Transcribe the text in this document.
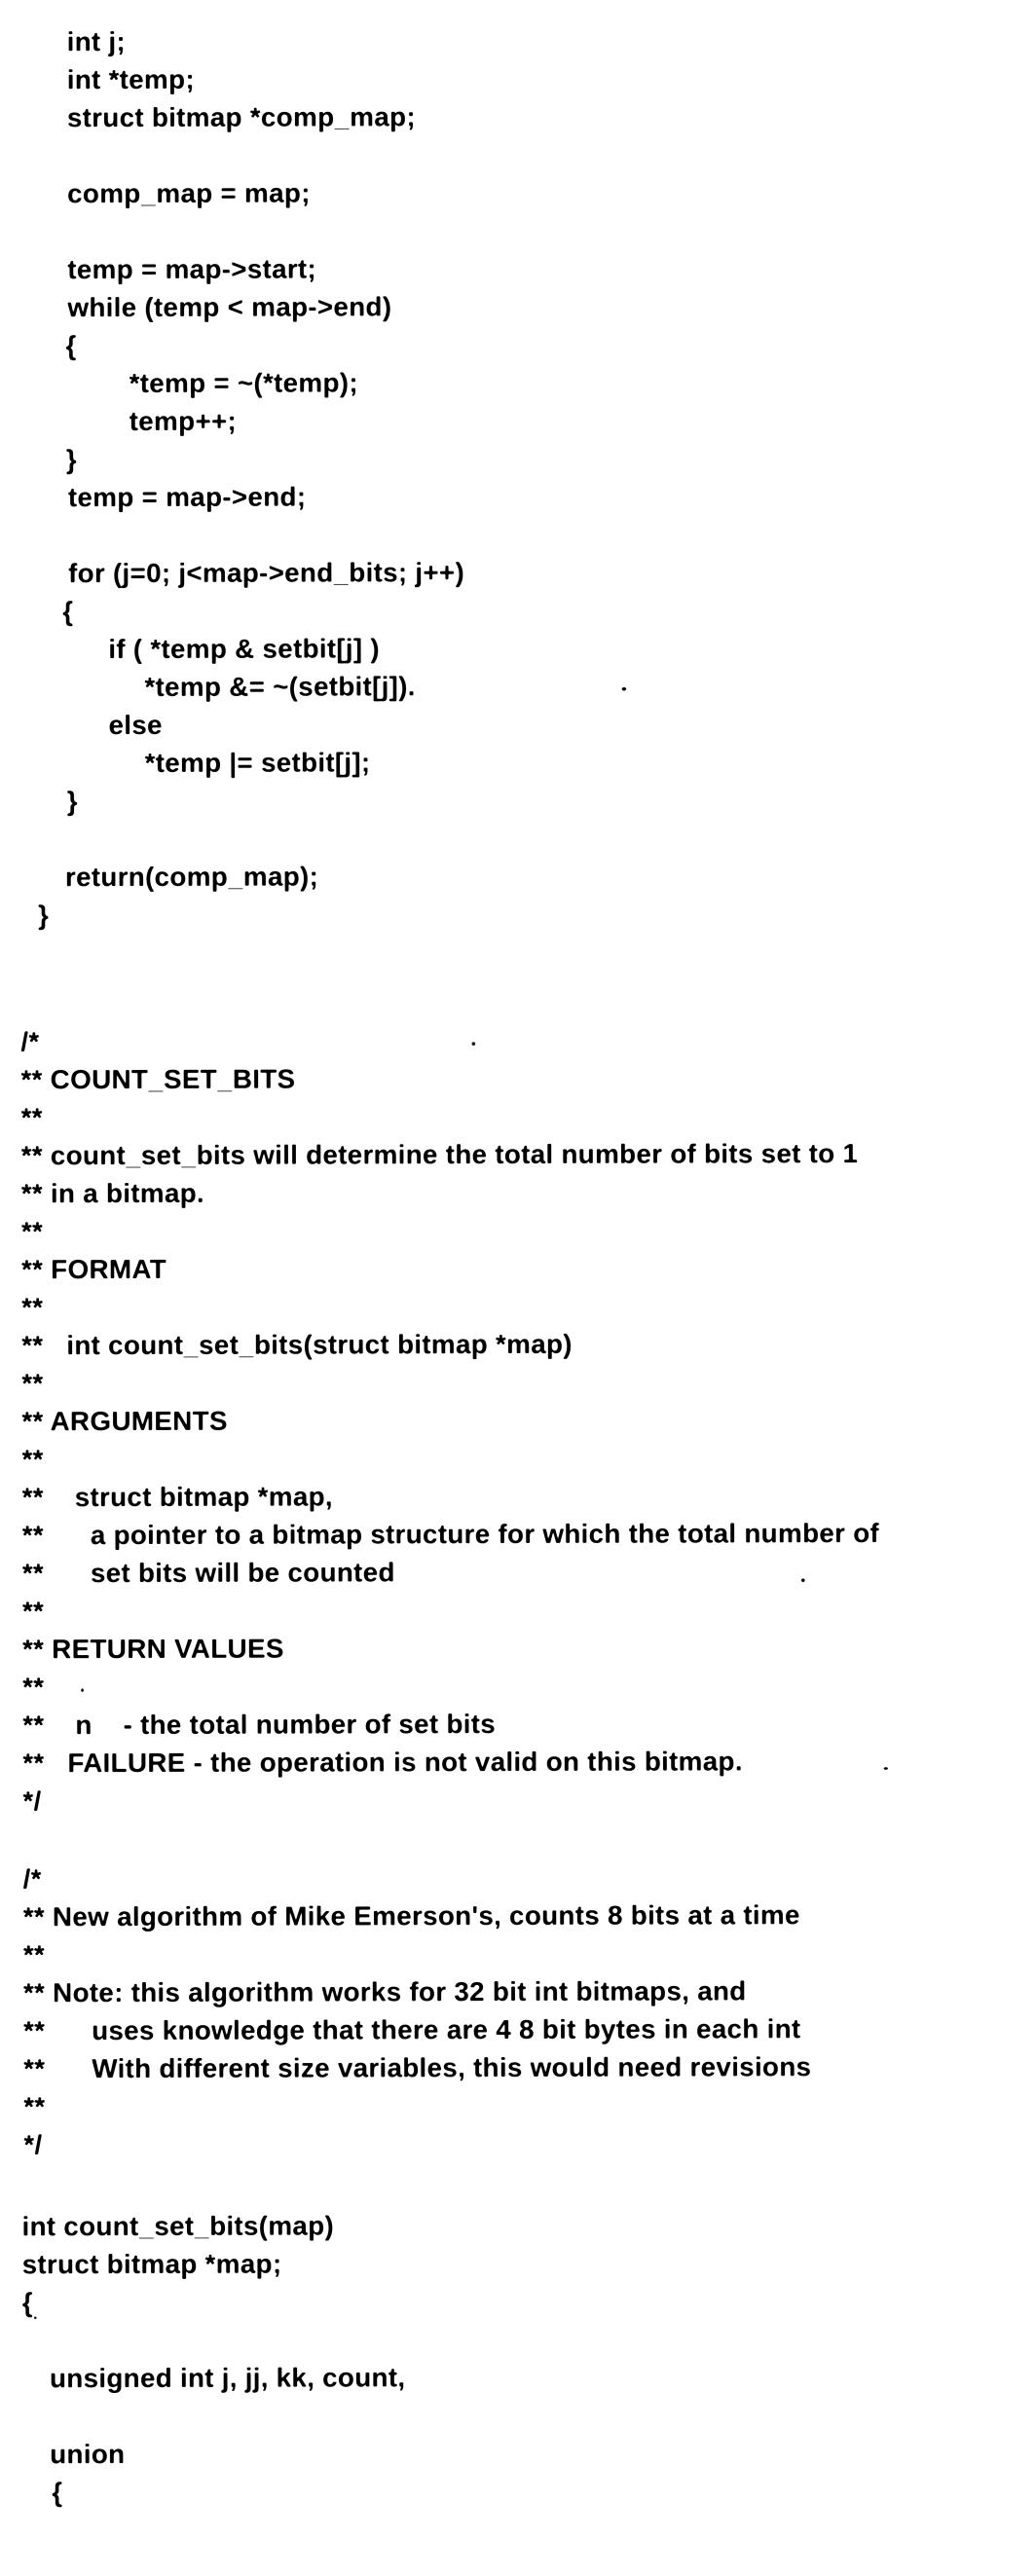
int j;
int *temp;
struct bitmap *comp_map;

comp_map = map;

temp = map->start;
while (temp < map->end)
{
*temp = ~(*temp);
temp++;
}
temp = map->end;

for (j=0; j<map->end_bits; j++)
{
if ( *temp & setbit[j] )
*temp &= ~(setbit[j]).
else
*temp |= setbit[j];
}

return(comp_map);
}
/*
** COUNT_SET_BITS
**
** count_set_bits will determine the total number of bits set to 1
** in a bitmap.
**
** FORMAT
**
**   int count_set_bits(struct bitmap *map)
**
** ARGUMENTS
**
**    struct bitmap *map,
**      a pointer to a bitmap structure for which the total number of
**      set bits will be counted
**
** RETURN VALUES
**
**    n    - the total number of set bits
**   FAILURE - the operation is not valid on this bitmap.
*/
/*
** New algorithm of Mike Emerson's, counts 8 bits at a time
**
** Note: this algorithm works for 32 bit int bitmaps, and
**      uses knowledge that there are 4 8 bit bytes in each int
**      With different size variables, this would need revisions
**
*/
int count_set_bits(map)
struct bitmap *map;
{

unsigned int j, jj, kk, count,

union
{
